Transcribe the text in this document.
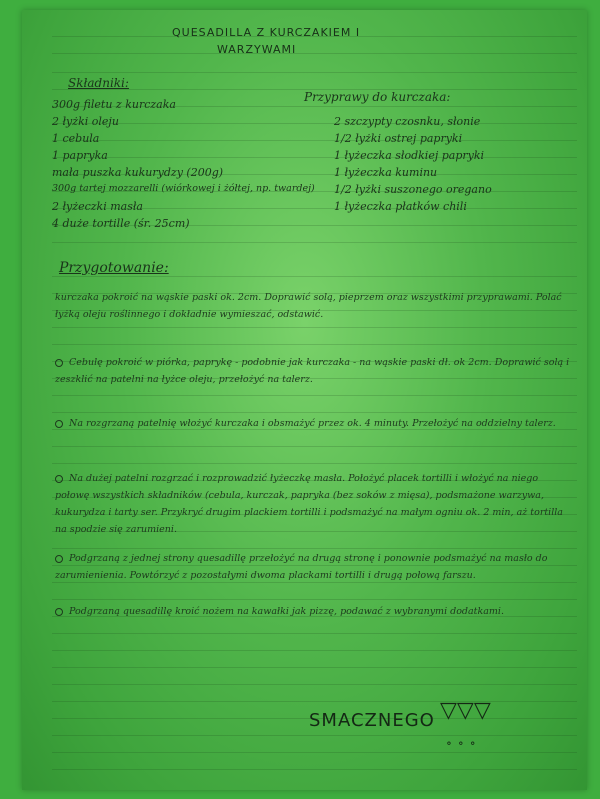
QUESADILLA Z KURCZAKIEM I
WARZYWAMI
Składniki:
300g filetu z kurczaka
2 łyżki oleju
1 cebula
1 papryka
mała puszka kukurydzy (200g)
300g tartej mozzarelli (wiórkowej i żółtej, np. twardej)
2 łyżeczki masła
4 duże tortille (śr. 25cm)
Przyprawy do kurczaka:
2 szczypty czosnku, słonie
1/2 łyżki ostrej papryki
1 łyżeczka słodkiej papryki
1 łyżeczka kuminu
1/2 łyżki suszonego oregano
1 łyżeczka płatków chili
Przygotowanie:
kurczaka pokroić na wąskie paski ok. 2cm. Doprawić solą, pieprzem oraz wszystkimi przyprawami. Polać łyżką oleju roślinnego i dokładnie wymieszać, odstawić.
Cebulę pokroić w piórka, paprykę - podobnie jak kurczaka - na wąskie paski dł. ok 2cm. Doprawić solą i zeszklić na patelni na łyżce oleju, przełożyć na talerz.
Na rozgrzaną patelnię włożyć kurczaka i obsmażyć przez ok. 4 minuty. Przełożyć na oddzielny talerz.
Na dużej patelni rozgrzać i rozprowadzić łyżeczkę masła. Położyć placek tortilli i włożyć na niego połowę wszystkich składników (cebula, kurczak, papryka (bez soków z mięsa), podsmażone warzywa, kukurydza i tarty ser. Przykryć drugim plackiem tortilli i podsmażyć na małym ogniu ok. 2 min, aż tortilla na spodzie się zarumieni.
Podgrzaną z jednej strony quesadillę przełożyć na drugą stronę i ponownie podsmażyć na masło do zarumienienia. Powtórzyć z pozostałymi dwoma plackami tortilli i drugą połową farszu.
Podgrzaną quesadillę kroić nożem na kawałki jak pizzę, podawać z wybranymi dodatkami.
SMACZNEGO ▽▽▽
∘∘∘
